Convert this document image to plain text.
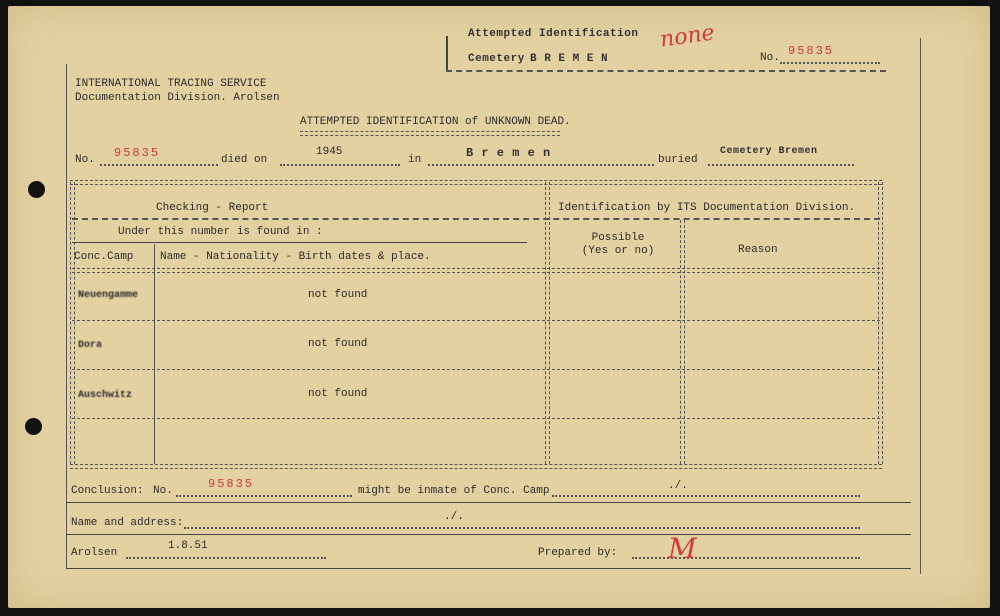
Attempted Identification
Cemetery B R E M E N
none
No. 95835
INTERNATIONAL TRACING SERVICE
Documentation Division. Arolsen
ATTEMPTED IDENTIFICATION of UNKNOWN DEAD.
No. 95835	died on
1945
in	B r e m e n	buried
Cemetery Bremen
Checking - Report	Identification by ITS Documentation Division.
Under this number is found in :
Conc.Camp Name - Nationality - Birth dates & place.
Possible
(Yes or no)	Reason
Neuengamme	not found
Dora	not found
Auschwitz	not found
Conclusion: No.	95835	might be inmate of Conc. Camp	./.
Name and address:	./.
Arolsen
1.8.51
Prepared by: M
